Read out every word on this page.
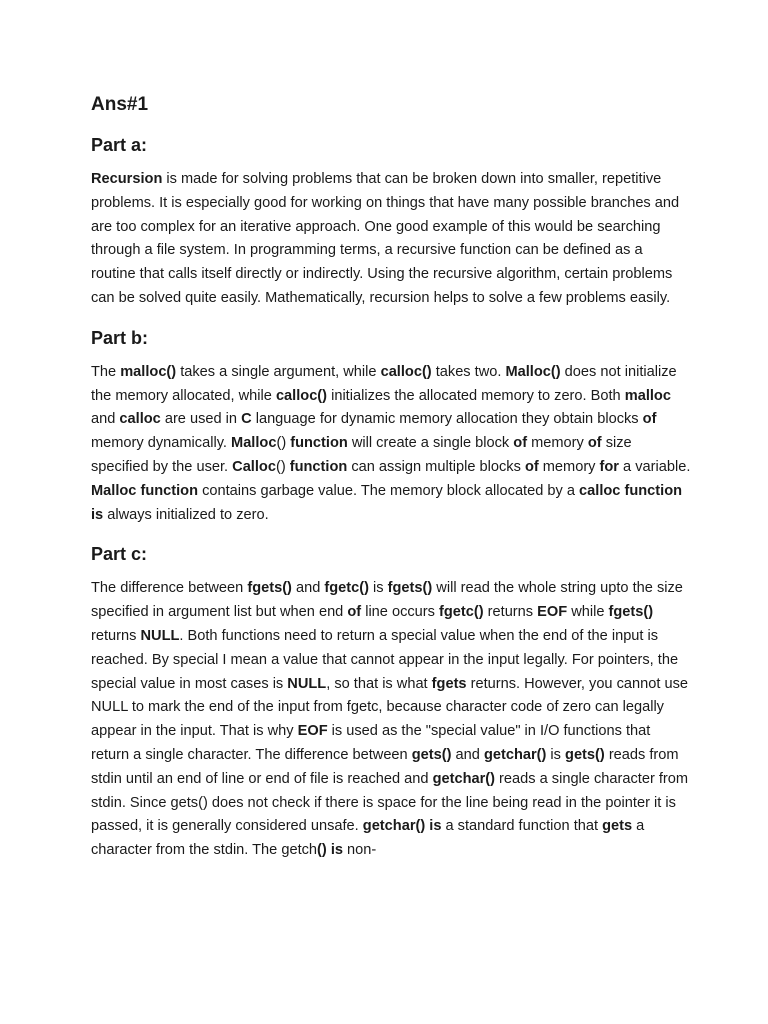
Ans#1
Part a:

Recursion is made for solving problems that can be broken down into smaller, repetitive problems. It is especially good for working on things that have many possible branches and are too complex for an iterative approach. One good example of this would be searching through a file system. In programming terms, a recursive function can be defined as a routine that calls itself directly or indirectly. Using the recursive algorithm, certain problems can be solved quite easily. Mathematically, recursion helps to solve a few problems easily.

Part b:

The malloc() takes a single argument, while calloc() takes two. Malloc() does not initialize the memory allocated, while calloc() initializes the allocated memory to zero. Both malloc and calloc are used in C language for dynamic memory allocation they obtain blocks of memory dynamically. Malloc() function will create a single block of memory of size specified by the user. Calloc() function can assign multiple blocks of memory for a variable. Malloc function contains garbage value. The memory block allocated by a calloc function is always initialized to zero.

Part c:

The difference between fgets() and fgetc() is fgets() will read the whole string upto the size specified in argument list but when end of line occurs fgetc() returns EOF while fgets() returns NULL. Both functions need to return a special value when the end of the input is reached. By special I mean a value that cannot appear in the input legally. For pointers, the special value in most cases is NULL, so that is what fgets returns. However, you cannot use NULL to mark the end of the input from fgetc, because character code of zero can legally appear in the input. That is why EOF is used as the "special value" in I/O functions that return a single character. The difference between gets() and getchar() is gets() reads from stdin until an end of line or end of file is reached and getchar() reads a single character from stdin. Since gets() does not check if there is space for the line being read in the pointer it is passed, it is generally considered unsafe. getchar() is a standard function that gets a character from the stdin. The getch() is non-
